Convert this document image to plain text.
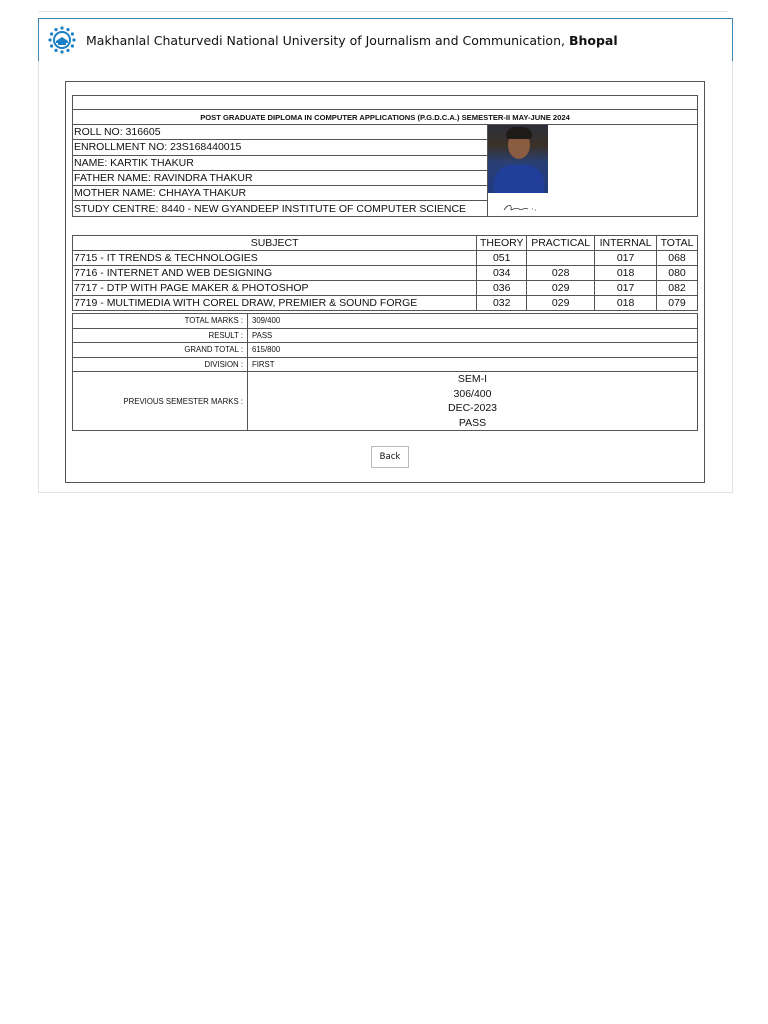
Makhanlal Chaturvedi National University of Journalism and Communication, Bhopal

POST GRADUATE DIPLOMA IN COMPUTER APPLICATIONS (P.G.D.C.A.) SEMESTER-II MAY-JUNE 2024
ROLL NO: 316605	

ENROLLMENT NO: 23S168440015
NAME: KARTIK THAKUR
FATHER NAME: RAVINDRA THAKUR
MOTHER NAME: CHHAYA THAKUR
STUDY CENTRE: 8440 - NEW GYANDEEP INSTITUTE OF COMPUTER SCIENCE
SUBJECT	THEORY	PRACTICAL	INTERNAL	TOTAL
7715 - IT TRENDS & TECHNOLOGIES	051		017	068
7716 - INTERNET AND WEB DESIGNING	034	028	018	080
7717 - DTP WITH PAGE MAKER & PHOTOSHOP	036	029	017	082
7719 - MULTIMEDIA WITH COREL DRAW, PREMIER & SOUND FORGE	032	029	018	079
TOTAL MARKS :	309/400
RESULT :	PASS
GRAND TOTAL :	615/800
DIVISION :	FIRST
PREVIOUS SEMESTER MARKS :	SEM-I
306/400
DEC-2023
PASS
Back
